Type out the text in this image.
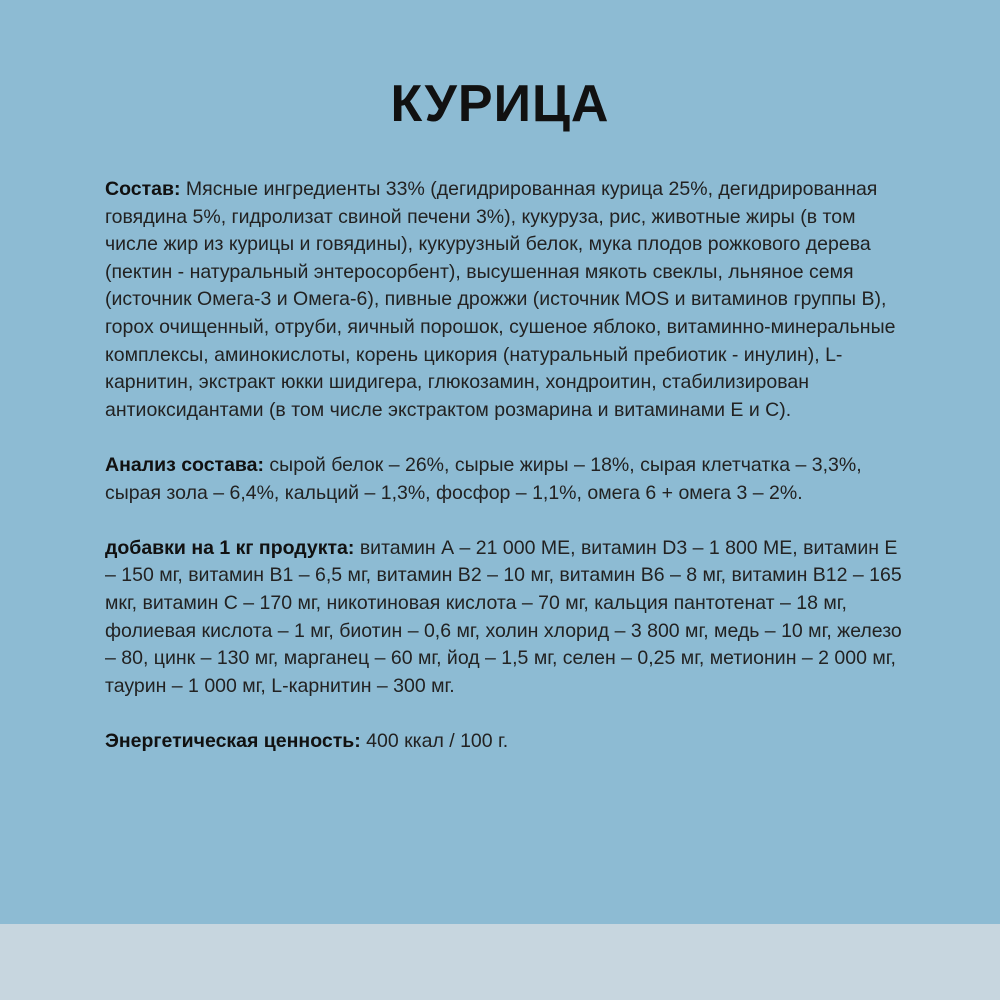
КУРИЦА

Состав: Мясные ингредиенты 33% (дегидрированная курица 25%, дегидрированная говядина 5%, гидролизат свиной печени 3%), кукуруза, рис, животные жиры (в том числе жир из курицы и говядины), кукурузный белок, мука плодов рожкового дерева (пектин - натуральный энтеросорбент), высушенная мякоть свеклы, льняное семя (источник Омега-3 и Омега-6), пивные дрожжи (источник MOS и витаминов группы В), горох очищенный, отруби, яичный порошок, сушеное яблоко, витаминно-минеральные комплексы, аминокислоты, корень цикория (натуральный пребиотик - инулин), L-карнитин, экстракт юкки шидигера, глюкозамин, хондроитин, стабилизирован антиоксидантами (в том числе экстрактом розмарина и витаминами Е и С).

Анализ состава: сырой белок – 26%, сырые жиры – 18%, сырая клетчатка – 3,3%, сырая зола – 6,4%, кальций – 1,3%, фосфор – 1,1%, омега 6 + омега 3 – 2%.

добавки на 1 кг продукта: витамин А – 21 000 МЕ, витамин D3 – 1 800 МЕ, витамин Е – 150 мг, витамин В1 – 6,5 мг, витамин В2 – 10 мг, витамин В6 – 8 мг, витамин В12 – 165 мкг, витамин С – 170 мг, никотиновая кислота – 70 мг, кальция пантотенат – 18 мг, фолиевая кислота – 1 мг, биотин – 0,6 мг, холин хлорид – 3 800 мг, медь – 10 мг, железо – 80, цинк – 130 мг, марганец – 60 мг, йод – 1,5 мг, селен – 0,25 мг, метионин – 2 000 мг, таурин – 1 000 мг, L-карнитин – 300 мг.

Энергетическая ценность: 400 ккал / 100 г.
